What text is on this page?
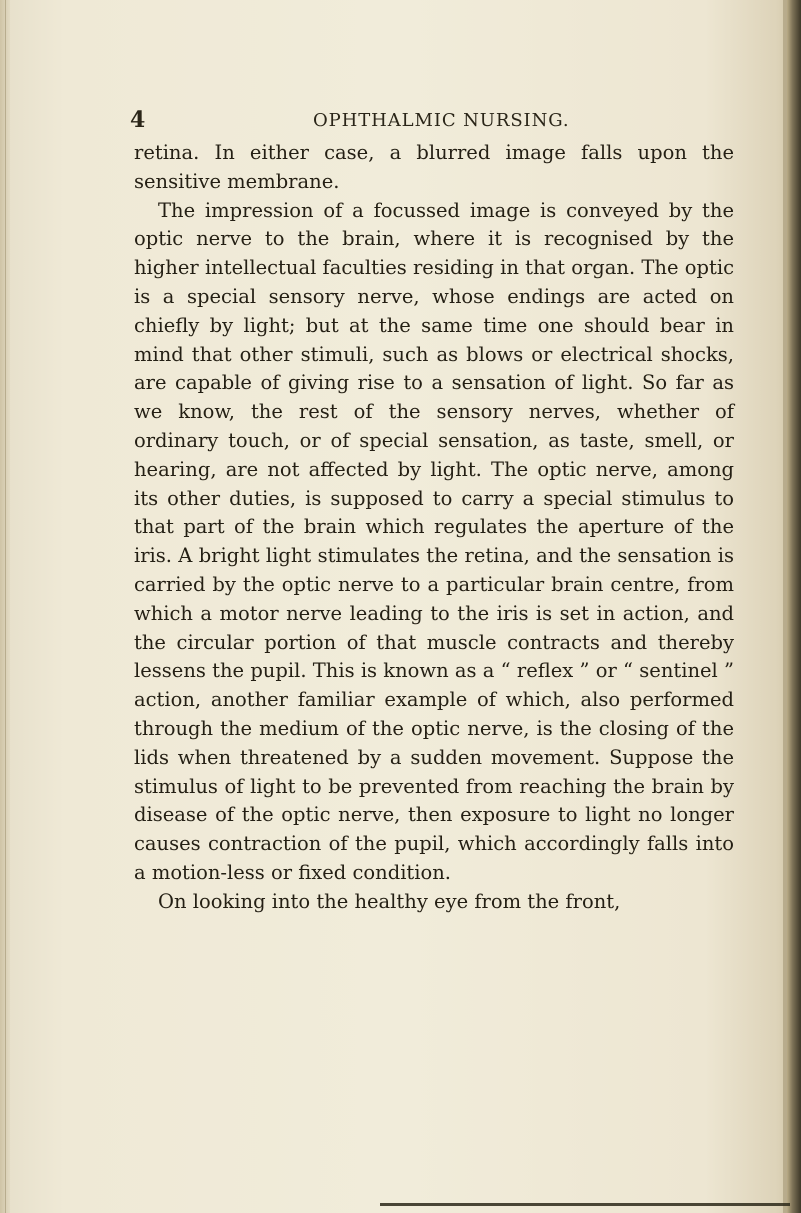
4	OPHTHALMIC NURSING.

retina. In either case, a blurred image falls upon the sensitive membrane.

The impression of a focussed image is conveyed by the optic nerve to the brain, where it is recognised by the higher intellectual faculties residing in that organ. The optic is a special sensory nerve, whose endings are acted on chiefly by light; but at the same time one should bear in mind that other stimuli, such as blows or electrical shocks, are capable of giving rise to a sensation of light. So far as we know, the rest of the sensory nerves, whether of ordinary touch, or of special sensation, as taste, smell, or hearing, are not affected by light. The optic nerve, among its other duties, is supposed to carry a special stimulus to that part of the brain which regulates the aperture of the iris. A bright light stimulates the retina, and the sensation is carried by the optic nerve to a particular brain centre, from which a motor nerve leading to the iris is set in action, and the circular portion of that muscle contracts and thereby lessens the pupil. This is known as a “ reflex ” or “ sentinel ” action, another familiar example of which, also performed through the medium of the optic nerve, is the closing of the lids when threatened by a sudden movement. Suppose the stimulus of light to be prevented from reaching the brain by disease of the optic nerve, then exposure to light no longer causes contraction of the pupil, which accordingly falls into a motion-less or fixed condition.

On looking into the healthy eye from the front,
